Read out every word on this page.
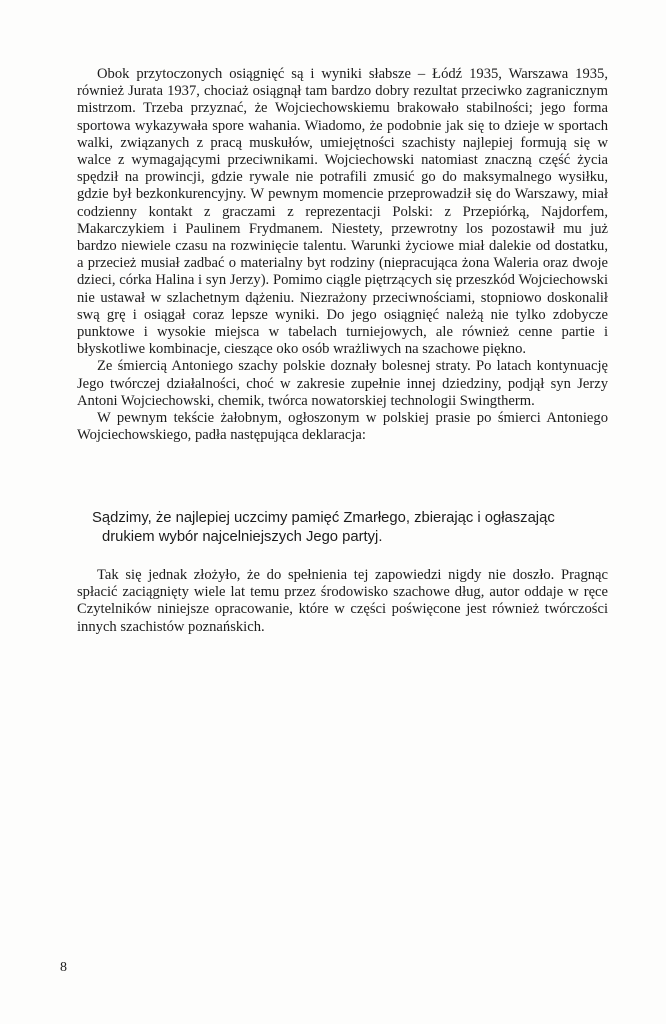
Obok przytoczonych osiągnięć są i wyniki słabsze – Łódź 1935, Warszawa 1935, również Jurata 1937, chociaż osiągnął tam bardzo dobry rezultat przeciwko zagranicznym mistrzom. Trzeba przyznać, że Wojciechowskiemu brakowało stabilności; jego forma sportowa wykazywała spore wahania. Wiadomo, że podobnie jak się to dzieje w sportach walki, związanych z pracą muskułów, umiejętności szachisty najlepiej formują się w walce z wymagającymi przeciwnikami. Wojciechowski natomiast znaczną część życia spędził na prowincji, gdzie rywale nie potrafili zmusić go do maksymalnego wysiłku, gdzie był bezkonkurencyjny. W pewnym momencie przeprowadził się do Warszawy, miał codzienny kontakt z graczami z reprezentacji Polski: z Przepiórką, Najdorfem, Makarczykiem i Paulinem Frydmanem. Niestety, przewrotny los pozostawił mu już bardzo niewiele czasu na rozwinięcie talentu. Warunki życiowe miał dalekie od dostatku, a przecież musiał zadbać o materialny byt rodziny (niepracująca żona Waleria oraz dwoje dzieci, córka Halina i syn Jerzy). Pomimo ciągle piętrzących się przeszkód Wojciechowski nie ustawał w szlachetnym dążeniu. Niezrażony przeciwnościami, stopniowo doskonalił swą grę i osiągał coraz lepsze wyniki. Do jego osiągnięć należą nie tylko zdobycze punktowe i wysokie miejsca w tabelach turniejowych, ale również cenne partie i błyskotliwe kombinacje, cieszące oko osób wrażliwych na szachowe piękno.

Ze śmiercią Antoniego szachy polskie doznały bolesnej straty. Po latach kontynuację Jego twórczej działalności, choć w zakresie zupełnie innej dziedziny, podjął syn Jerzy Antoni Wojciechowski, chemik, twórca nowatorskiej technologii Swingtherm.

W pewnym tekście żałobnym, ogłoszonym w polskiej prasie po śmierci Antoniego Wojciechowskiego, padła następująca deklaracja:

Sądzimy, że najlepiej uczcimy pamięć Zmarłego, zbierając i ogłaszając
drukiem wybór najcelniejszych Jego partyj.

Tak się jednak złożyło, że do spełnienia tej zapowiedzi nigdy nie doszło. Pragnąc spłacić zaciągnięty wiele lat temu przez środowisko szachowe dług, autor oddaje w ręce Czytelników niniejsze opracowanie, które w części poświęcone jest również twórczości innych szachistów poznańskich.

8
